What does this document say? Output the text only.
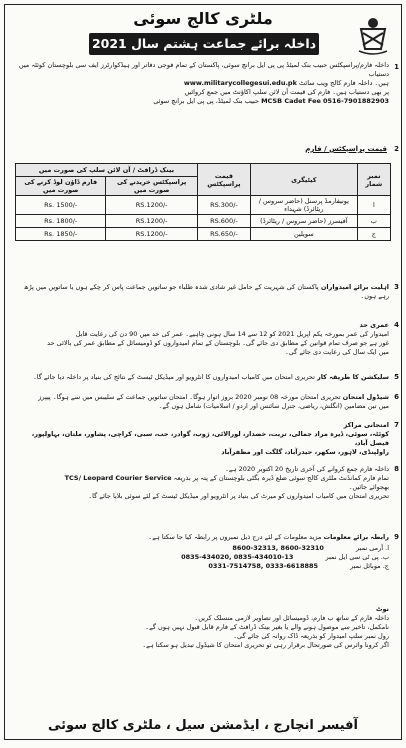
ملٹری کالج سوئی
داخلہ برائے جماعت ہشتم سال 2021
1
داخلہ فارم/پراسپکٹس حبیب بنک لمیٹڈ پی پی ایل برانچ سوئی، پاکستان کے تمام فوجی دفاتر اور ہیڈکوارٹرز ایف سی بلوچستان کوئٹہ میں دستیاب
ہیں۔ داخلہ فارم کالج ویب سائٹ www.militarycollegesui.edu.pk
پر بھی دستیاب ہیں۔ فارم کی قیمت آن لائن سلپ اکاؤنٹ میں جمع کروائیں
MCSB Cadet Fee 0516-7901882903 حبیب بنک لمیٹڈ، پی پی ایل برانچ سوئی
2
قیمت پراسپکٹس / فارم
نمبر شمار	کیٹیگری	قیمت پراسپکٹس	بینک ڈرافٹ / آن لائن سلپ کی صورت میں	
			پراسپکٹس خریدنے کی صورت میں	فارم ڈاؤن لوڈ کرنے کی صورت میں
ا	یونیفارمڈ پرسنل (حاضر سروس / ریٹائرڈ) شہداء	RS.300/-	RS.1200/-	Rs. 1500/-
ب	آفیسرز (حاضر سروس / ریٹائرڈ)	RS.600/-	RS.1200/-	Rs. 1800/-
ج	سویلین	RS.650/-	RS.1200/-	Rs. 1850/-
3
اہلیت برائے امیدواران پاکستان کی شہریت کے حامل غیر شادی شدہ طلباء جو ساتویں جماعت پاس کر چکے ہوں یا ساتویں میں پڑھ رہے ہوں۔
4
عمری حد
امیدوار کی عمر بمورخہ یکم اپریل 2021 کو 12 سے 14 سال ہونی چاہیے۔ عمر کی حد میں 90 دن کی رعایت قابل
غور ہے جو صرف تمام قوانین کے مطابق دی جائے گی۔ بلوچستان کے تمام امیدواروں کو ڈومیسائل کے مطابق عمر کی بالائی حد
میں ایک سال کی رعایت دی جائے گی۔
5
سلیکشن کا طریقہ کار تحریری امتحان میں کامیاب امیدواروں کا انٹرویو اور میڈیکل ٹیسٹ کے نتائج کی بنیاد پر داخلہ دیا جائے گا۔
6
شیڈول امتحان تحریری امتحان مورخہ 08 نومبر 2020 بروز اتوار ہوگا۔ امتحان ساتویں جماعت کے سلیبس میں سے ہوگا۔ پیپرز
میں تین مضامین (انگلش، ریاضی، جنرل سائنس اور اردو / اسلامیات) شامل ہوں گے۔
7
امتحانی مراکز
کوئٹہ، سوئی، ڈیرہ مراد جمالی، تربت، خضدار، لورالائی، ژوب، گوادر، حب، سبی، کراچی، پشاور، ملتان، بہاولپور، فیصل آباد،
راولپنڈی، لاہور، سکھر، حیدرآباد، گلگت اور مظفرآباد
8
داخلہ فارم جمع کروانے کی آخری تاریخ 20 اکتوبر 2020 ہے۔
تمام فارم کمانڈنٹ ملٹری کالج سوئی ضلع ڈیرہ بگٹی بلوچستان کے پتہ پر بذریعہ TCS/ Leopard Courier Service
بھجوائے جائیں۔
تحریری امتحان میں کامیاب امیدواروں کو میرٹ کی بنیاد پر انٹرویو اور میڈیکل ٹیسٹ کے لئے سوئی بلایا جائے گا۔
9
رابطہ برائے معلومات مزید معلومات کے لئے درج ذیل نمبروں پر رابطہ کیا جا سکتا ہے۔
ا. آرمی نمبر 8600-32313, 8600-32310
ب. پی ٹی سی ایل نمبر 0835-434020, 0835-434010-13
ج. موبائل نمبر 0331-7514758, 0333-6618885
نوٹ
داخلہ فارم کے ساتھ ب فارم، ڈومیسائل اور تصاویر لازمی منسلک کریں۔
نامکمل، تاخیر سے موصول ہونے والے یا بغیر بینک ڈرافٹ کے فارم قابل قبول نہیں ہوں گے۔
رول نمبر سلپ امیدوار کو بذریعہ ڈاک روانہ کی جائے گی۔
اگر کرونا وائرس کی صورتحال برقرار رہی تو تحریری امتحان کا شیڈول تبدیل ہو سکتا ہے۔
آفیسر انچارج ، ایڈمشن سیل ، ملٹری کالج سوئی
